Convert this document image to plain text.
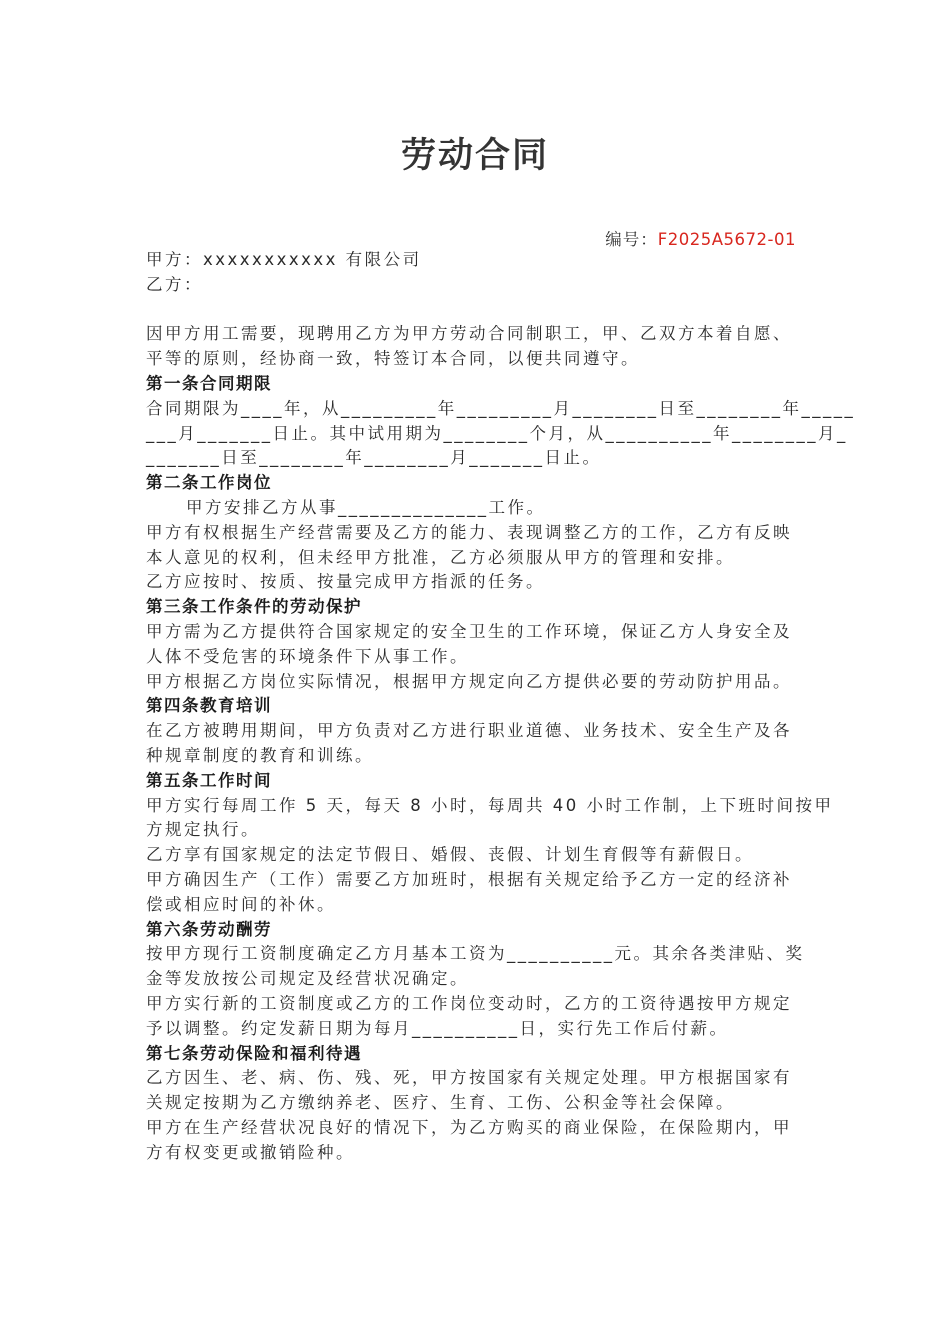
劳动合同
编号：F2025A5672-01
甲方：xxxxxxxxxxx 有限公司
乙方：
因甲方用工需要，现聘用乙方为甲方劳动合同制职工，甲、乙双方本着自愿、
平等的原则，经协商一致，特签订本合同，以便共同遵守。
第一条合同期限
合同期限为____年，从_________年_________月________日至________年_____
___月_______日止。其中试用期为________个月，从__________年________月_
_______日至________年________月_______日止。
第二条工作岗位
甲方安排乙方从事______________工作。
甲方有权根据生产经营需要及乙方的能力、表现调整乙方的工作，乙方有反映
本人意见的权利，但未经甲方批准，乙方必须服从甲方的管理和安排。
乙方应按时、按质、按量完成甲方指派的任务。
第三条工作条件的劳动保护
甲方需为乙方提供符合国家规定的安全卫生的工作环境，保证乙方人身安全及
人体不受危害的环境条件下从事工作。
甲方根据乙方岗位实际情况，根据甲方规定向乙方提供必要的劳动防护用品。
第四条教育培训
在乙方被聘用期间，甲方负责对乙方进行职业道德、业务技术、安全生产及各
种规章制度的教育和训练。
第五条工作时间
甲方实行每周工作 5 天，每天 8 小时，每周共 40 小时工作制，上下班时间按甲
方规定执行。
乙方享有国家规定的法定节假日、婚假、丧假、计划生育假等有薪假日。
甲方确因生产（工作）需要乙方加班时，根据有关规定给予乙方一定的经济补
偿或相应时间的补休。
第六条劳动酬劳
按甲方现行工资制度确定乙方月基本工资为__________元。其余各类津贴、奖
金等发放按公司规定及经营状况确定。
甲方实行新的工资制度或乙方的工作岗位变动时，乙方的工资待遇按甲方规定
予以调整。约定发薪日期为每月__________日，实行先工作后付薪。
第七条劳动保险和福利待遇
乙方因生、老、病、伤、残、死，甲方按国家有关规定处理。甲方根据国家有
关规定按期为乙方缴纳养老、医疗、生育、工伤、公积金等社会保障。
甲方在生产经营状况良好的情况下，为乙方购买的商业保险，在保险期内，甲
方有权变更或撤销险种。
